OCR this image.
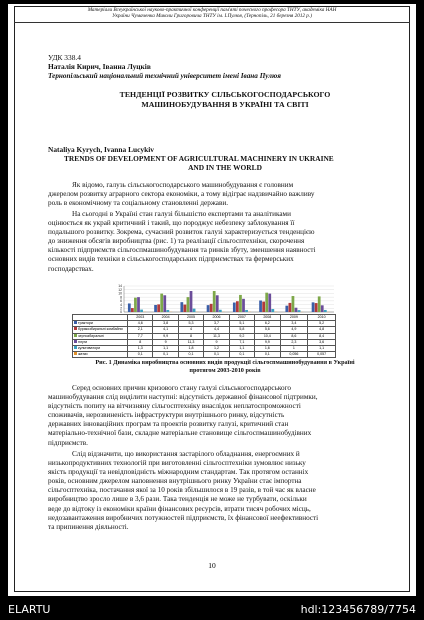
Матеріали Всеукраїнської науково-практичної конференції пам'яті почесного професора ТНТУ, академіка НАН
України Чумаченка Миколи Григоровича ТНТУ ім. І.Пулюя, (Тернопіль, 21 березня 2012 р.)
УДК 338.4
Наталія Кирич, Іванна Луцків
Тернопільський національний технічний університет імені Івана Пулюя
ТЕНДЕНЦІЇ РОЗВИТКУ СІЛЬСЬКОГОСПОДАРСЬКОГО
МАШИНОБУДУВАННЯ В УКРАЇНІ ТА СВІТІ
Nataliya Kyrych, Ivanna Lucykiv
TRENDS OF DEVELOPMENT OF AGRICULTURAL MACHINERY IN UKRAINE
AND IN THE WORLD
Як відомо, галузь сільськогосподарського машинобудування є головним
джерелом розвитку аграрного сектора економіки, а тому відіграє надзвичайно важливу
роль в економічному та соціальному становленні держави.
На сьогодні в Україні стан галузі більшістю експертами та аналітиками
оцінюється як украй критичний і такий, що породжує небезпеку заблокування її
подальшого розвитку. Зокрема, сучасний розвиток галузі характеризується тенденцією
до зниження обсягів виробництва (рис. 1) та реалізації сільгосптехніки, скорочення
кількості підприємств сільгоспмашинобудування та ринків збуту, зменшення наявності
основних видів техніки в сільськогосподарських підприємствах та фермерських
господарствах.
0
2
4
6
8
10
12
14
	2003	2004	2005	2006	2007	2008	2009	2010
трактори	4,6	3,8	5,3	3,7	5,1	6,2	3,4	5,2
бурякозбиральні комбайни	2,1	4,1	4	4,4	5,8	5,6	4,9	4,8
зернозбиральні	7,7	9,9	8	11,3	9,2	10,4	8,6	8,4
плуги	8	9	11,3	9	7,1	9,9	2,3	3,6
культиватори	1,3	1,1	1,8	1,2	1,1	1,6	1	1,1
жатки	0,1	0,1	0,1	0,1	0,1	0,1	0,056	0,057
Рис. 1 Динаміка виробництва основних видів продукції сільгоспмашинобудування в Україні
протягом 2003-2010 років
Серед основних причин кризового стану галузі сільськогосподарського
машинобудування слід виділити наступні: відсутність державної фінансової підтримки,
відсутність попиту на вітчизняну сільгосптехніку внаслідок неплатоспроможності
споживачів, нерозвиненість інфраструктури внутрішнього ринку, відсутність
державних інноваційних програм та проектів розвитку галузі, критичний стан
матеріально-технічної бази, складне матеріальне становище сільгоспмашинобудівних
підприємств.
Слід відзначити, що використання застарілого обладнання, енергоємних й
низькопродуктивних технологій при виготовленні сільгосптехніки зумовлює низьку
якість продукції та невідповідність міжнародним стандартам. Так протягом останніх
років, основним джерелом наповнення внутрішнього ринку України стає імпортна
сільгосптехніка, постачання якої за 10 років збільшилося в 19 разів, в той час як власне
виробництво зросло лише в 3,6 рази. Така тенденція не може не турбувати, оскільки
веде до відтоку із економіки країни фінансових ресурсів, втрати тисяч робочих місць,
недозавантаження виробничих потужностей підприємств, їх фінансової неефективності
та припинення діяльності.
10
ELARTU	hdl:123456789/7754
